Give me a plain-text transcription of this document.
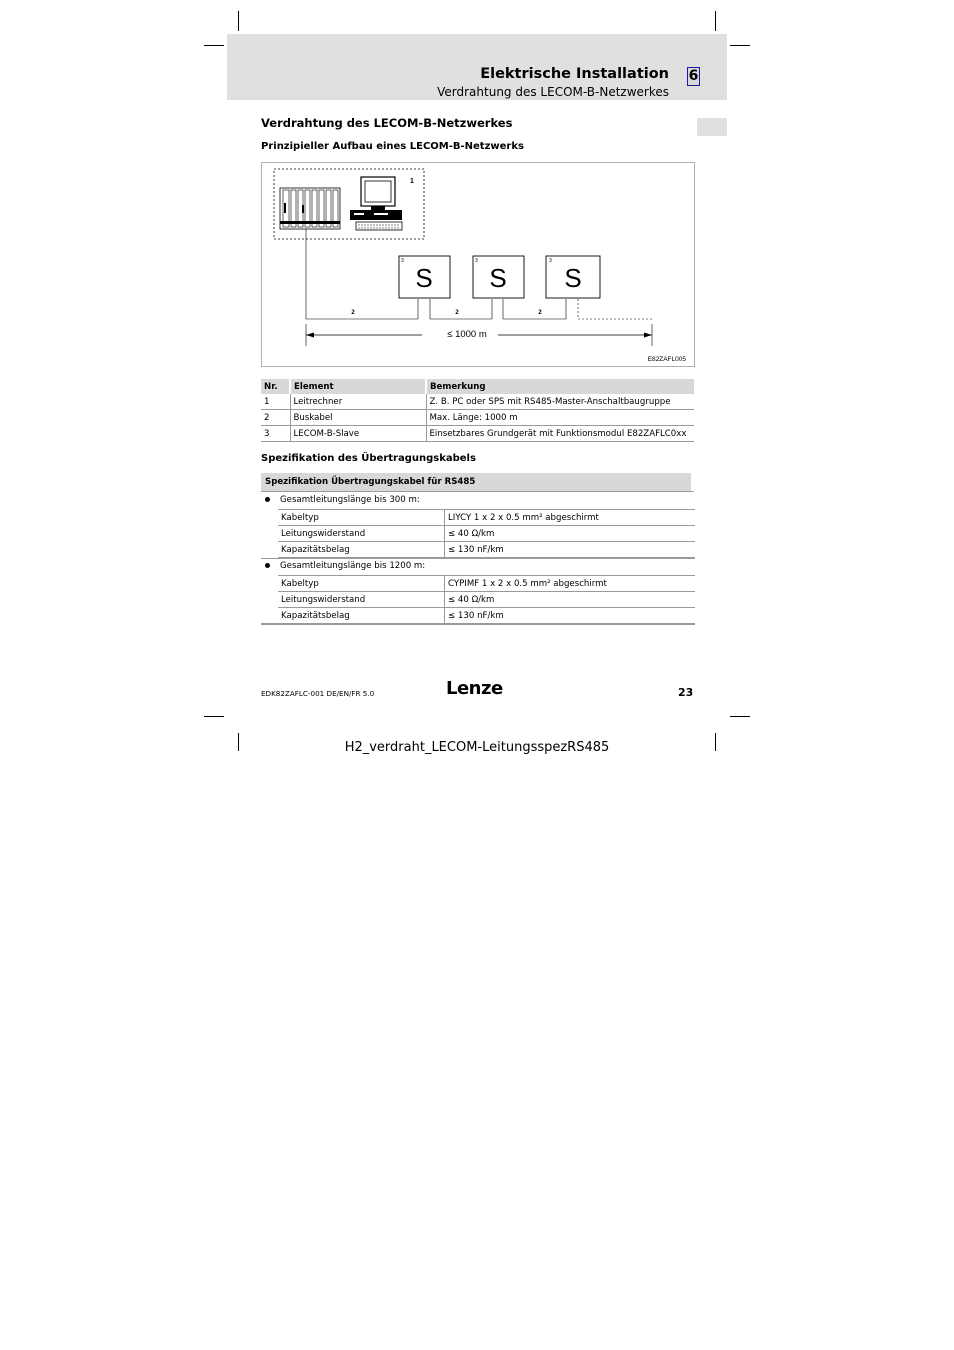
Elektrische Installation
Verdrahtung des LECOM-B-Netzwerkes
6
Verdrahtung des LECOM-B-Netzwerkes
Prinzipieller Aufbau eines LECOM-B-Netzwerks
1
3
S
3
S
3
S
2	2	2
≤ 1000 m
E82ZAFL005
Nr.	Element	Bemerkung
1	Leitrechner	Z. B. PC oder SPS mit RS485-Master-Anschaltbaugruppe
2	Buskabel	Max. Länge: 1000 m
3	LECOM-B-Slave	Einsetzbares Grundgerät mit Funktionsmodul E82ZAFLC0xx
Spezifikation des Übertragungskabels
Spezifikation Übertragungskabel für RS485
Gesamtleitungslänge bis 300 m:
Kabeltyp	LIYCY 1 x 2 x 0.5 mm² abgeschirmt
Leitungswiderstand	≤ 40 Ω/km
Kapazitätsbelag	≤ 130 nF/km
Gesamtleitungslänge bis 1200 m:
Kabeltyp	CYPIMF 1 x 2 x 0.5 mm² abgeschirmt
Leitungswiderstand	≤ 40 Ω/km
Kapazitätsbelag	≤ 130 nF/km
EDK82ZAFLC-001 DE/EN/FR 5.0	Lenze	23
H2_verdraht_LECOM-LeitungsspezRS485
